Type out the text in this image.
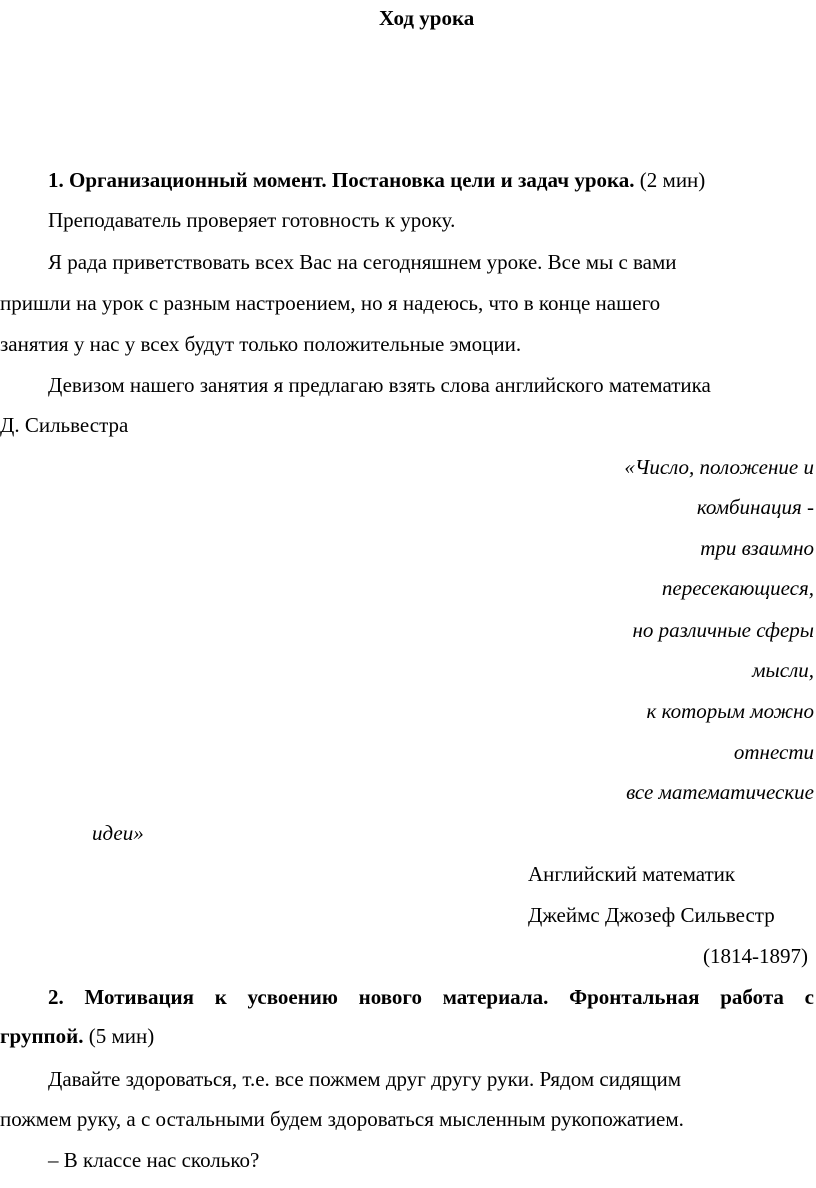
Ход урока
1. Организационный момент. Постановка цели и задач урока. (2 мин)
Преподаватель проверяет готовность к уроку.
Я рада приветствовать всех Вас на сегодняшнем уроке. Все мы с вами
пришли на урок с разным настроением, но я надеюсь, что в конце нашего
занятия у нас у всех будут только положительные эмоции.
Девизом нашего занятия я предлагаю взять слова английского математика
Д. Сильвестра
«Число, положение и
комбинация -
три взаимно
пересекающиеся,
но различные сферы
мысли,
к которым можно
отнести
все математические
идеи»
Английский математик
Джеймс Джозеф Сильвестр
(1814-1897)
2. Мотивация к усвоению нового материала. Фронтальная работа с
группой. (5 мин)
Давайте здороваться, т.е. все пожмем друг другу руки. Рядом сидящим
пожмем руку, а с остальными будем здороваться мысленным рукопожатием.
– В классе нас сколько?
